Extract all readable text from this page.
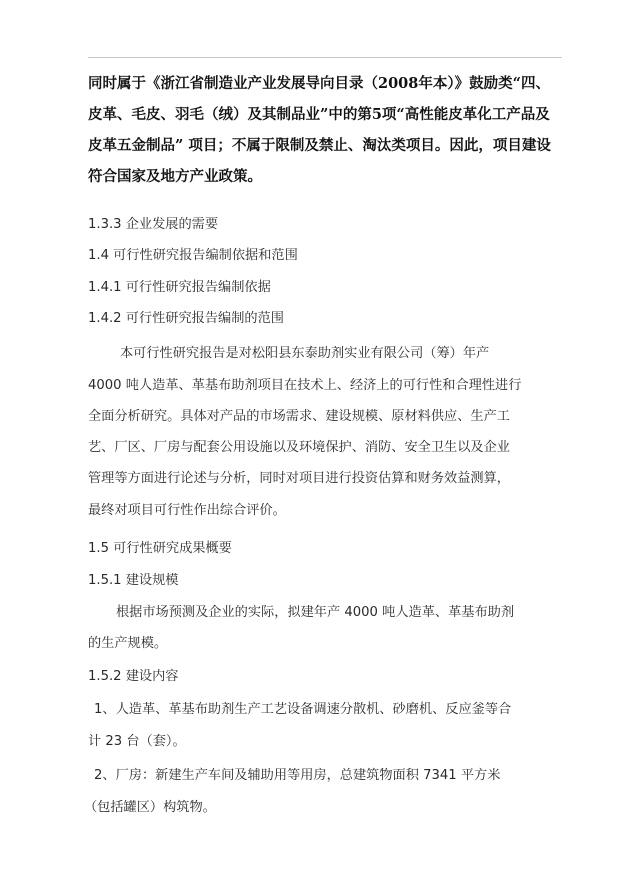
同时属于《浙江省制造业产业发展导向目录（2008年本）》鼓励类“四、皮革、毛皮、羽毛（绒）及其制品业”中的第5项“高性能皮革化工产品及皮革五金制品” 项目；不属于限制及禁止、淘汰类项目。因此，项目建设符合国家及地方产业政策。

1.3.3 企业发展的需要

1.4 可行性研究报告编制依据和范围

1.4.1 可行性研究报告编制依据

1.4.2 可行性研究报告编制的范围

本可行性研究报告是对松阳县东泰助剂实业有限公司（筹）年产

4000 吨人造革、革基布助剂项目在技术上、经济上的可行性和合理性进行

全面分析研究。具体对产品的市场需求、建设规模、原材料供应、生产工

艺、厂区、厂房与配套公用设施以及环境保护、消防、安全卫生以及企业

管理等方面进行论述与分析，同时对项目进行投资估算和财务效益测算，

最终对项目可行性作出综合评价。

1.5 可行性研究成果概要

1.5.1 建设规模

根据市场预测及企业的实际，拟建年产 4000 吨人造革、革基布助剂

的生产规模。

1.5.2 建设内容

1、人造革、革基布助剂生产工艺设备调速分散机、砂磨机、反应釜等合

计 23 台（套）。

2、厂房：新建生产车间及辅助用等用房，总建筑物面积 7341 平方米

（包括罐区）构筑物。
